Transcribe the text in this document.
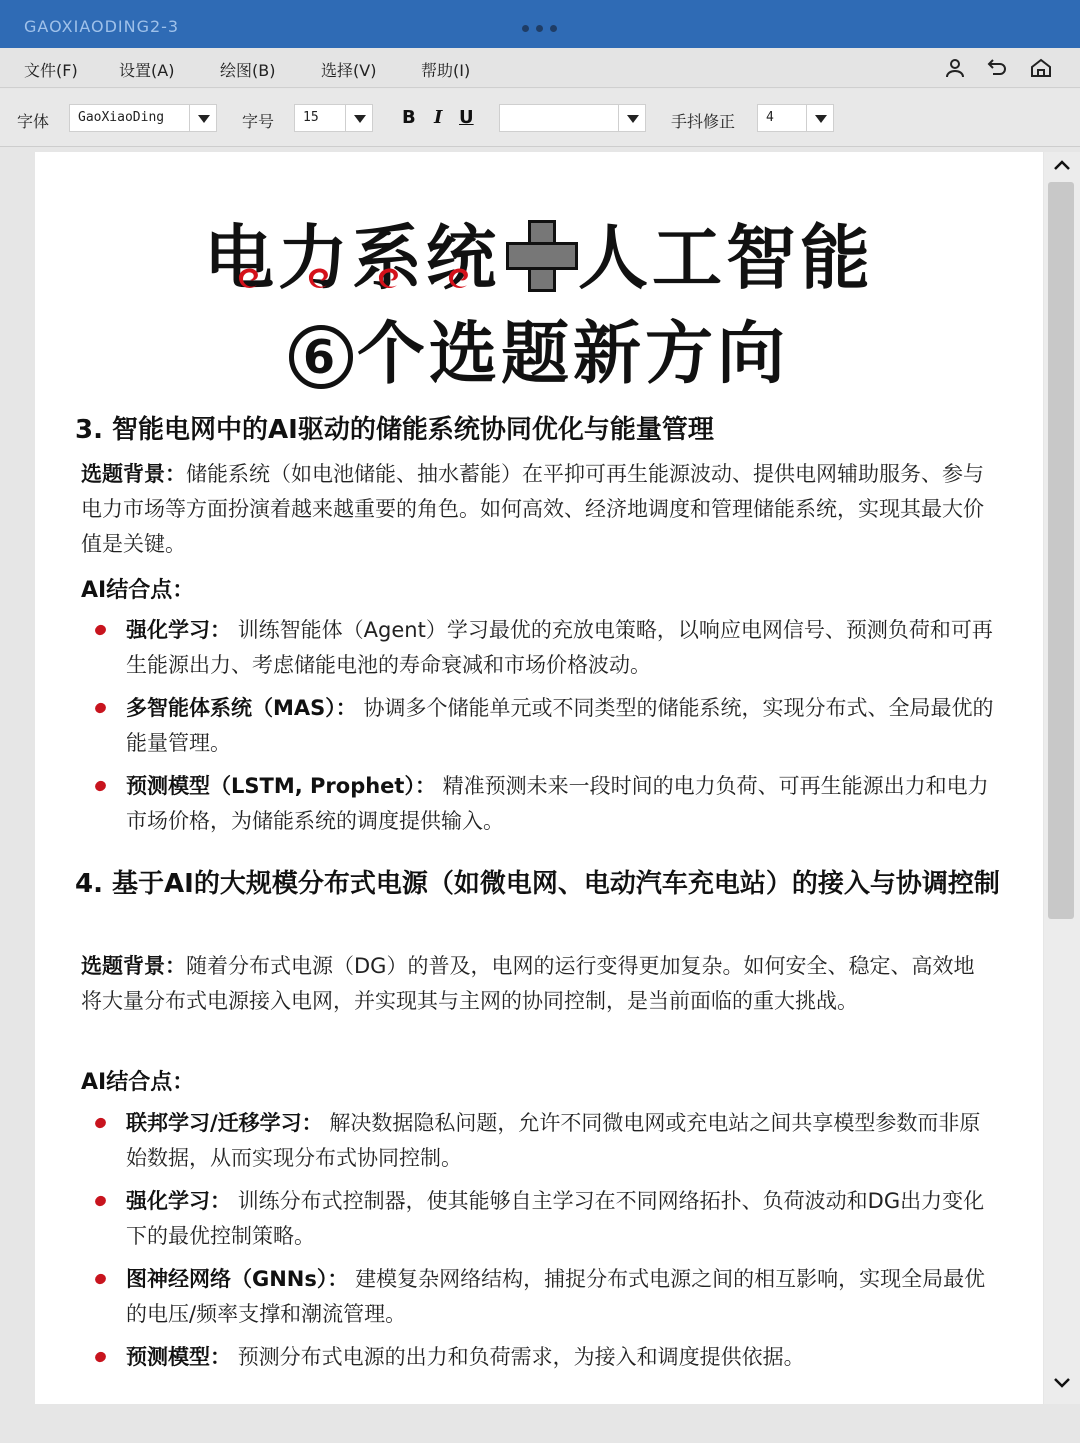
GAOXIAODING2-3
文件(F)	设置(A)	绘图(B)	选择(V)	帮助(I)
字体	GaoXiaoDing	字号	15	B I U	手抖修正	4
电力系统 人工智能
6 个选题新方向
3. 智能电网中的AI驱动的储能系统协同优化与能量管理
选题背景：储能系统（如电池储能、抽水蓄能）在平抑可再生能源波动、提供电网辅助服务、参与电力市场等方面扮演着越来越重要的角色。如何高效、经济地调度和管理储能系统，实现其最大价值是关键。
AI结合点：
强化学习： 训练智能体（Agent）学习最优的充放电策略，以响应电网信号、预测负荷和可再生能源出力、考虑储能电池的寿命衰减和市场价格波动。
多智能体系统（MAS）： 协调多个储能单元或不同类型的储能系统，实现分布式、全局最优的能量管理。
预测模型（LSTM, Prophet）： 精准预测未来一段时间的电力负荷、可再生能源出力和电力市场价格，为储能系统的调度提供输入。
4. 基于AI的大规模分布式电源（如微电网、电动汽车充电站）的接入与协调控制
选题背景：随着分布式电源（DG）的普及，电网的运行变得更加复杂。如何安全、稳定、高效地将大量分布式电源接入电网，并实现其与主网的协同控制，是当前面临的重大挑战。
AI结合点：
联邦学习/迁移学习： 解决数据隐私问题，允许不同微电网或充电站之间共享模型参数而非原始数据，从而实现分布式协同控制。
强化学习： 训练分布式控制器，使其能够自主学习在不同网络拓扑、负荷波动和DG出力变化下的最优控制策略。
图神经网络（GNNs）： 建模复杂网络结构，捕捉分布式电源之间的相互影响，实现全局最优的电压/频率支撑和潮流管理。
预测模型： 预测分布式电源的出力和负荷需求，为接入和调度提供依据。
